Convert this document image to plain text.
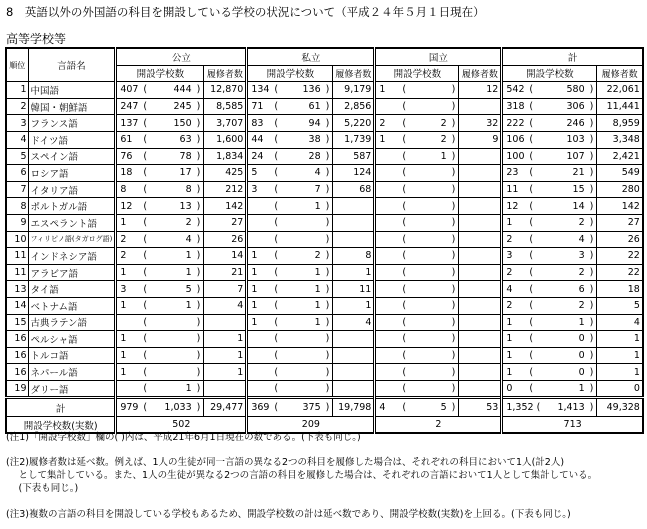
8　英語以外の外国語の科目を開設している学校の状況について（平成２４年５月１日現在）
高等学校等
順位	言語名	公立		私立		国立		計	
		開設学校数	履修者数	開設学校数	履修者数	開設学校数	履修者数	開設学校数	履修者数
1	中国語	407 ( 444 )	12,870	134 ( 136 )	9,179	1 ( )	12	542 ( 580 )	22,061
2	韓国・朝鮮語	247 ( 245 )	8,585	71 ( 61 )	2,856	( )		318 ( 306 )	11,441
3	フランス語	137 ( 150 )	3,707	83 ( 94 )	5,220	2 ( 2 )	32	222 ( 246 )	8,959
4	ドイツ語	61 ( 63 )	1,600	44 ( 38 )	1,739	1 ( 2 )	9	106 ( 103 )	3,348
5	スペイン語	76 ( 78 )	1,834	24 ( 28 )	587	( 1 )		100 ( 107 )	2,421
6	ロシア語	18 ( 17 )	425	5 ( 4 )	124	( )		23 ( 21 )	549
7	イタリア語	8 ( 8 )	212	3 ( 7 )	68	( )		11 ( 15 )	280
8	ポルトガル語	12 ( 13 )	142	( 1 )		( )		12 ( 14 )	142
9	エスペラント語	1 ( 2 )	27	( )		( )		1 ( 2 )	27
10	フィリピノ語(タガログ語)	2 ( 4 )	26	( )		( )		2 ( 4 )	26
11	インドネシア語	2 ( 1 )	14	1 ( 2 )	8	( )		3 ( 3 )	22
11	アラビア語	1 ( 1 )	21	1 ( 1 )	1	( )		2 ( 2 )	22
13	タイ語	3 ( 5 )	7	1 ( 1 )	11	( )		4 ( 6 )	18
14	ベトナム語	1 ( 1 )	4	1 ( 1 )	1	( )		2 ( 2 )	5
15	古典ラテン語	( )		1 ( 1 )	4	( )		1 ( 1 )	4
16	ペルシャ語	1 ( )	1	( )		( )		1 ( 0 )	1
16	トルコ語	1 ( )	1	( )		( )		1 ( 0 )	1
16	ネパール語	1 ( )	1	( )		( )		1 ( 0 )	1
19	ダリー語	( 1 )		( )		( )		0 ( 1 )	0
計		979 ( 1,033 )	29,477	369 ( 375 )	19,798	4 ( 5 )	53	1,352 ( 1,413 )	49,328
開設学校数(実数)		502		209		2		713	
(注1)「開設学校数」欄の( )内は、平成21年6月1日現在の数である。(下表も同じ。)
(注2)履修者数は延べ数。例えば、1人の生徒が同一言語の異なる2つの科目を履修した場合は、それぞれの科目において1人(計2人)
　 として集計している。また、1人の生徒が異なる2つの言語の科目を履修した場合は、それぞれの言語において1人として集計している。
　 (下表も同じ。)
(注3)複数の言語の科目を開設している学校もあるため、開設学校数の計は延べ数であり、開設学校数(実数)を上回る。(下表も同じ。)
